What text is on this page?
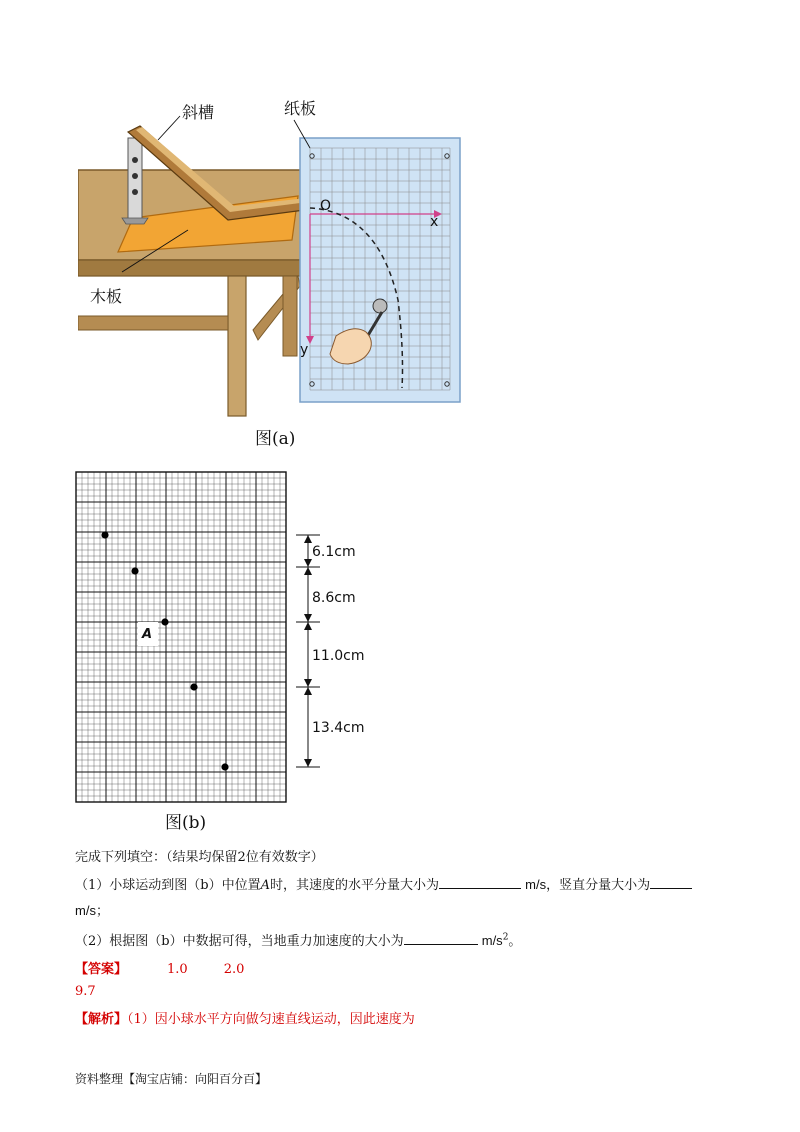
斜槽	纸板
木板
O
x
y
图(a)
A
6.1cm
8.6cm
11.0cm
13.4cm
图(b)
完成下列填空：（结果均保留2位有效数字）
（1）小球运动到图（b）中位置A时，其速度的水平分量大小为	m/s，竖直分量大小为
m/s；
（2）根据图（b）中数据可得，当地重力加速度的大小为	$m/s^2$。
【答案】	1.0	2.0
9.7
【解析】（1）因小球水平方向做匀速直线运动，因此速度为
资料整理【淘宝店铺：向阳百分百】
